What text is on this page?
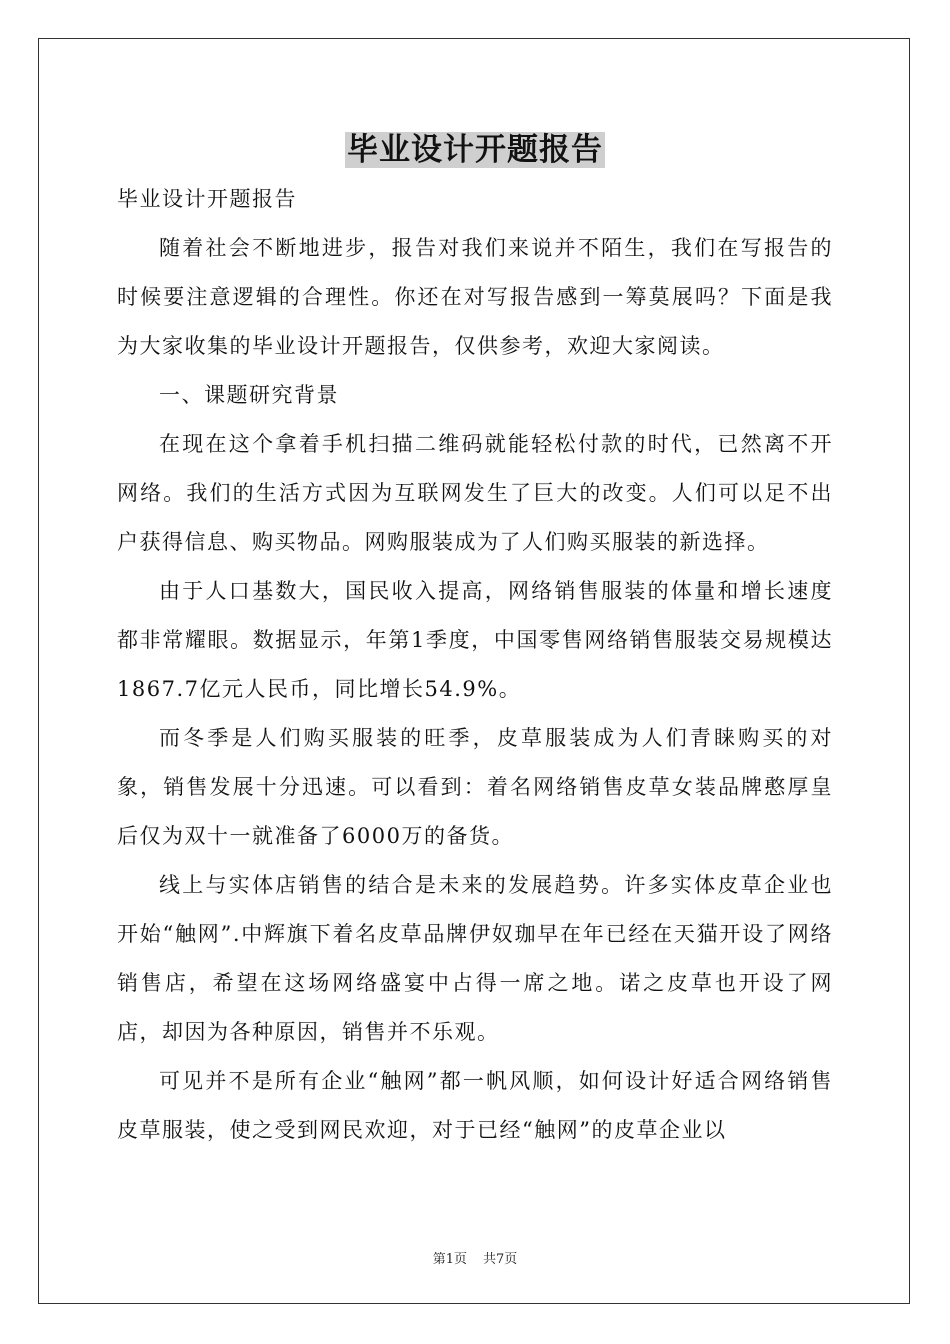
毕业设计开题报告

毕业设计开题报告

随着社会不断地进步，报告对我们来说并不陌生，我们在写报告的时候要注意逻辑的合理性。你还在对写报告感到一筹莫展吗？下面是我为大家收集的毕业设计开题报告，仅供参考，欢迎大家阅读。

一、课题研究背景

在现在这个拿着手机扫描二维码就能轻松付款的时代，已然离不开网络。我们的生活方式因为互联网发生了巨大的改变。人们可以足不出户获得信息、购买物品。网购服装成为了人们购买服装的新选择。

由于人口基数大，国民收入提高，网络销售服装的体量和增长速度都非常耀眼。数据显示，年第1季度，中国零售网络销售服装交易规模达1867.7亿元人民币，同比增长54.9%。

而冬季是人们购买服装的旺季，皮草服装成为人们青睐购买的对象，销售发展十分迅速。可以看到：着名网络销售皮草女装品牌憨厚皇后仅为双十一就准备了6000万的备货。

线上与实体店销售的结合是未来的发展趋势。许多实体皮草企业也开始“触网”.中辉旗下着名皮草品牌伊奴珈早在年已经在天猫开设了网络销售店，希望在这场网络盛宴中占得一席之地。诺之皮草也开设了网店，却因为各种原因，销售并不乐观。

可见并不是所有企业“触网”都一帆风顺，如何设计好适合网络销售皮草服装，使之受到网民欢迎，对于已经“触网”的皮草企业以

第1页 共7页
